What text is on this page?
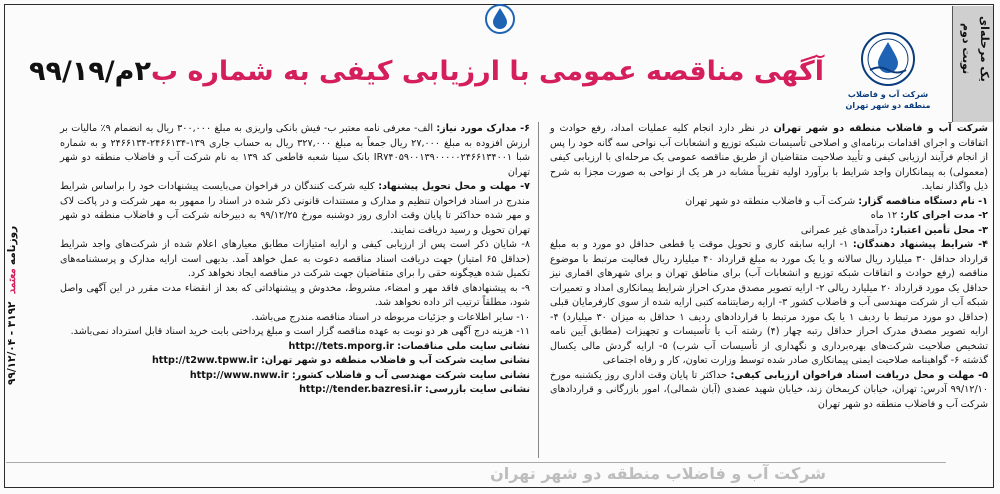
یک مرحله‌ای
نوبت دوم
شرکت آب و فاضلاب
منطقه دو شهر تهران
آگهی مناقصه عمومی با ارزیابی کیفی به شماره ب۲م/۹۹/۱۹

شرکت آب و فاضلاب منطقه دو شهر تهران در نظر دارد انجام کلیه عملیات امداد، رفع حوادث و اتفاقات و اجرای اقدامات برنامه‌ای و اصلاحی تأسیسات شبکه توزیع و انشعابات آب نواحی سه گانه خود را پس از انجام فرآیند ارزیابی کیفی و تأیید صلاحیت متقاضیان از طریق مناقصه عمومی یک مرحله‌ای با ارزیابی کیفی (معمولی) به پیمانکاران واجد شرایط با برآورد اولیه تقریباً مشابه در هر یک از نواحی به صورت مجزا به شرح ذیل واگذار نماید.

۱- نام دستگاه مناقصه گزار: شرکت آب و فاضلاب منطقه دو شهر تهران

۲- مدت اجرای کار: ۱۲ ماه

۳- محل تأمین اعتبار: درآمدهای غیر عمرانی

۴- شرایط پیشنهاد دهندگان: ۱- ارایه سابقه کاری و تحویل موقت یا قطعی حداقل دو مورد و به مبلغ قرارداد حداقل ۳۰ میلیارد ریال سالانه و یا یک مورد به مبلغ قرارداد ۴۰ میلیارد ریال فعالیت مرتبط با موضوع مناقصه (رفع حوادث و اتفاقات شبکه توزیع و انشعابات آب) برای مناطق تهران و برای شهرهای اقماری نیز حداقل یک مورد قرارداد ۲۰ میلیارد ریالی ۲- ارایه تصویر مصدق مدرک احراز شرایط پیمانکاری امداد و تعمیرات شبکه آب از شرکت مهندسی آب و فاضلاب کشور ۳- ارایه رضایتنامه کتبی ارایه شده از سوی کارفرمایان قبلی (حداقل دو مورد مرتبط با ردیف ۱ یا یک مورد مرتبط با قراردادهای ردیف ۱ حداقل به میزان ۳۰ میلیارد) ۴- ارایه تصویر مصدق مدرک احراز حداقل رتبه چهار (۴) رشته آب یا تأسیسات و تجهیزات (مطابق آیین نامه تشخیص صلاحیت شرکت‌های بهره‌برداری و نگهداری از تأسیسات آب شرب) ۵- ارایه گردش مالی یکسال گذشته ۶- گواهینامه صلاحیت ایمنی پیمانکاری صادر شده توسط وزارت تعاون، کار و رفاه اجتماعی

۵- مهلت و محل دریافت اسناد فراخوان ارزیابی کیفی: حداکثر تا پایان وقت اداری روز یکشنبه مورخ ۹۹/۱۲/۱۰ آدرس: تهران، خیابان کریمخان زند، خیابان شهید عضدی (آبان شمالی)، امور بازرگانی و قراردادهای شرکت آب و فاضلاب منطقه دو شهر تهران

۶- مدارک مورد نیاز: الف- معرفی نامه معتبر ب- فیش بانکی واریزی به مبلغ ۳۰۰,۰۰۰ ریال به انضمام ۹٪ مالیات بر ارزش افزوده به مبلغ ۲۷,۰۰۰ ریال جمعاً به مبلغ ۳۲۷,۰۰۰ ریال به حساب جاری ۱۳۹-۲۴۶۶۱۳۴-۲۴۶۶۱۳۴ و به شماره شبا IR۷۴۰۵۹۰۰۱۳۹۰۰۰۰۰۲۴۶۶۱۳۴۰۰۱ بانک سینا شعبه قاطعی کد ۱۳۹ به نام شرکت آب و فاضلاب منطقه دو شهر تهران

۷- مهلت و محل تحویل پیشنهاد: کلیه شرکت کنندگان در فراخوان می‌بایست پیشنهادات خود را براساس شرایط مندرج در اسناد فراخوان تنظیم و مدارک و مستندات قانونی ذکر شده در اسناد را ممهور به مهر شرکت و در پاکت لاک و مهر شده حداکثر تا پایان وقت اداری روز دوشنبه مورخ ۹۹/۱۲/۲۵ به دبیرخانه شرکت آب و فاضلاب منطقه دو شهر تهران تحویل و رسید دریافت نمایند.

۸- شایان ذکر است پس از ارزیابی کیفی و ارایه امتیازات مطابق معیارهای اعلام شده از شرکت‌های واجد شرایط (حداقل ۶۵ امتیاز) جهت دریافت اسناد مناقصه دعوت به عمل خواهد آمد. بدیهی است ارایه مدارک و پرسشنامه‌های تکمیل شده هیچگونه حقی را برای متقاضیان جهت شرکت در مناقصه ایجاد نخواهد کرد.

۹- به پیشنهادهای فاقد مهر و امضاء، مشروط، مخدوش و پیشنهاداتی که بعد از انقضاء مدت مقرر در این آگهی واصل شود، مطلقاً ترتیب اثر داده نخواهد شد.

۱۰- سایر اطلاعات و جزئیات مربوطه در اسناد مناقصه مندرج می‌باشد.

۱۱- هزینه درج آگهی هر دو نوبت به عهده مناقصه گزار است و مبلغ پرداختی بابت خرید اسناد قابل استرداد نمی‌باشد.

نشانی سایت ملی مناقصات: http://tets.mporg.ir

نشانی سایت شرکت آب و فاضلاب منطقه دو شهر تهران: http://t2ww.tpww.ir

نشانی سایت شرکت مهندسی آب و فاضلاب کشور: http://www.nww.ir

نشانی سایت بازرسی: http://tender.bazresi.ir

روزنامه معتمد  ۳۱۹۲ - ۹۹/۱۲/۰۴
شرکت آب و فاضلاب منطقه دو شهر تهران
